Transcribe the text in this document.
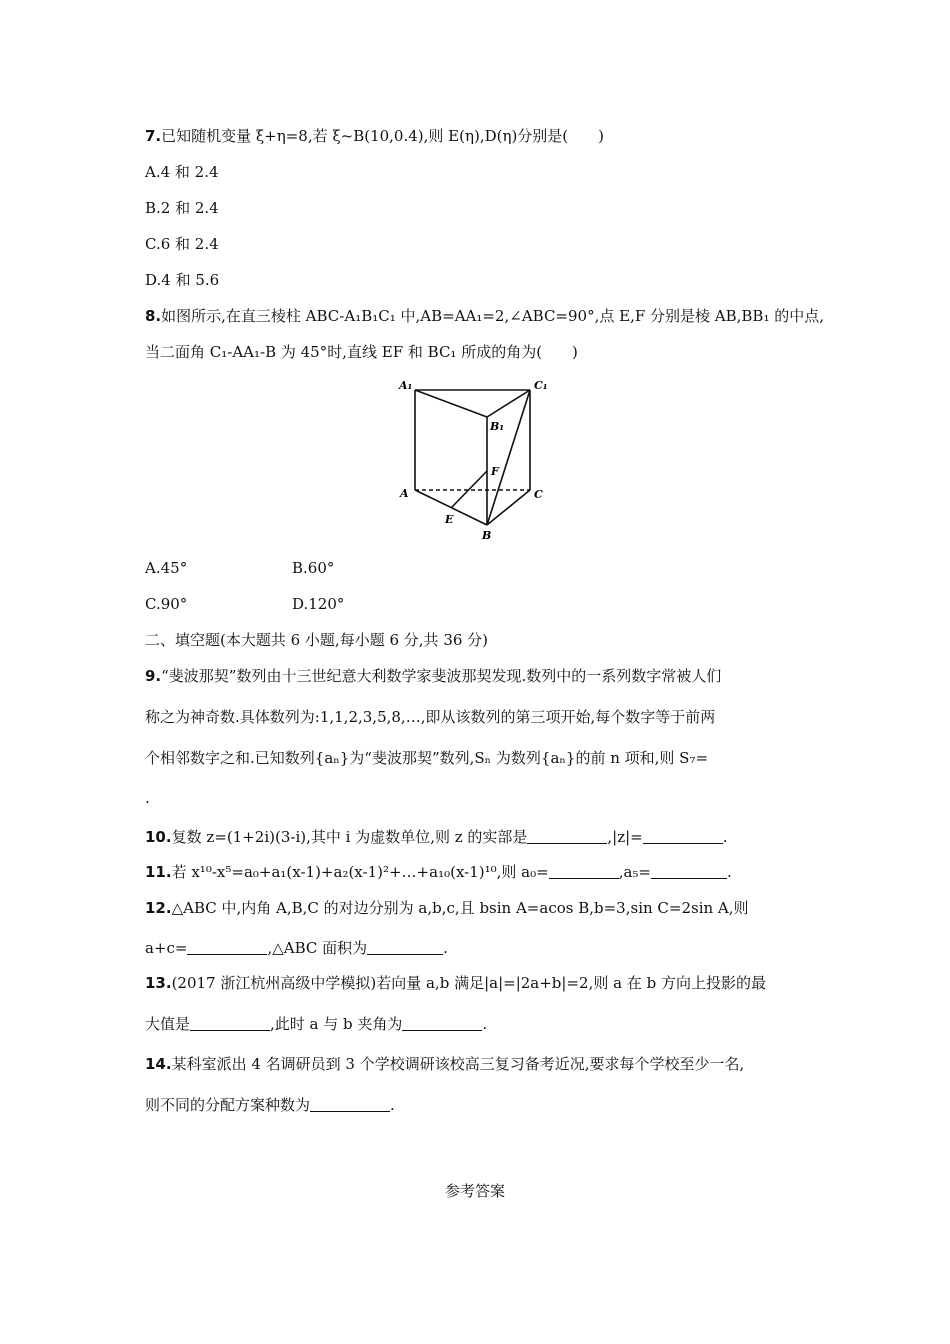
7.已知随机变量 ξ+η=8,若 ξ~B(10,0.4),则 E(η),D(η)分别是(　　)
A.4 和 2.4
B.2 和 2.4
C.6 和 2.4
D.4 和 5.6
8.如图所示,在直三棱柱 ABC-A₁B₁C₁ 中,AB=AA₁=2,∠ABC=90°,点 E,F 分别是棱 AB,BB₁ 的中点,
当二面角 C₁-AA₁-B 为 45°时,直线 EF 和 BC₁ 所成的角为(　　)
A₁	C₁
B₁
F
A	C
E
B
A.45°	B.60°
C.90°	D.120°
二、填空题(本大题共 6 小题,每小题 6 分,共 36 分)
9.“斐波那契”数列由十三世纪意大利数学家斐波那契发现.数列中的一系列数字常被人们
称之为神奇数.具体数列为:1,1,2,3,5,8,…,即从该数列的第三项开始,每个数字等于前两
个相邻数字之和.已知数列{aₙ}为“斐波那契”数列,Sₙ 为数列{aₙ}的前 n 项和,则 S₇=
.
10.复数 z=(1+2i)(3-i),其中 i 为虚数单位,则 z 的实部是	,|z|=	.
11.若 x¹⁰-x⁵=a₀+a₁(x-1)+a₂(x-1)²+…+a₁₀(x-1)¹⁰,则 a₀=	,a₅=	.
12.△ABC 中,内角 A,B,C 的对边分别为 a,b,c,且 bsin A=acos B,b=3,sin C=2sin A,则
a+c=	,△ABC 面积为	.
13.(2017 浙江杭州高级中学模拟)若向量 a,b 满足|a|=|2a+b|=2,则 a 在 b 方向上投影的最
大值是	,此时 a 与 b 夹角为	.
14.某科室派出 4 名调研员到 3 个学校调研该校高三复习备考近况,要求每个学校至少一名,
则不同的分配方案种数为	.
参考答案
